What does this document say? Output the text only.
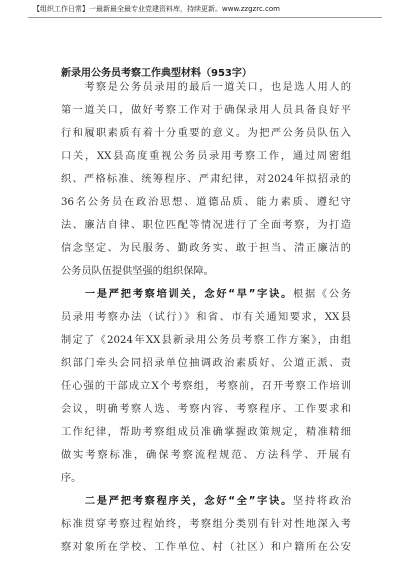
【组织工作日常】一最新最全最专业党建资料库，持续更新。www.zzgzrc.com
新录用公务员考察工作典型材料（953字）
　　考察是公务员录用的最后一道关口，也是选人用人的
第一道关口，做好考察工作对于确保录用人员具备良好平
行和履职素质有着十分重要的意义。为把严公务员队伍入
口关，XX县高度重视公务员录用考察工作，通过周密组
织、严格标准、统筹程序、严肃纪律，对2024年拟招录的
36名公务员在政治思想、道德品质、能力素质、遵纪守
法、廉洁自律、职位匹配等情况进行了全面考察，为打造
信念坚定、为民服务、勤政务实、敢于担当、清正廉洁的
公务员队伍提供坚强的组织保障。
　　一是严把考察培训关，念好“早”字诀。根据《公务
员录用考察办法（试行）》和省、市有关通知要求，XX县
制定了《2024年XX县新录用公务员考察工作方案》，由组
织部门牵头会同招录单位抽调政治素质好、公道正派、责
任心强的干部成立X个考察组，考察前，召开考察工作培训
会议，明确考察人选、考察内容、考察程序、工作要求和
工作纪律，帮助考察组成员准确掌握政策规定，精准精细
做实考察标准，确保考察流程规范、方法科学、开展有
序。
　　二是严把考察程序关，念好“全”字诀。坚持将政治
标准贯穿考察过程始终，考察组分类别有针对性地深入考
察对象所在学校、工作单位、村（社区）和户籍所在公安
